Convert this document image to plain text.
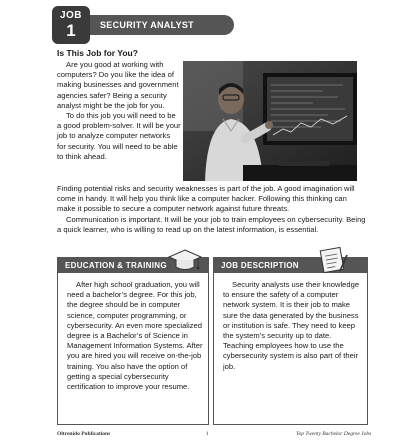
JOB
1	SECURITY ANALYST
Is This Job for You?

Are you good at working with computers? Do you like the idea of making businesses and government agencies safer? Being a security analyst might be the job for you.

To do this job you will need to be a good problem-solver. It will be your job to analyze computer networks for security. You will need to be able to think ahead.

Finding potential risks and security weaknesses is part of the job. A good imagination will come in handy. It will help you think like a computer hacker. Following this thinking can make it possible to secure a computer network against future threats.

Communication is important. It will be your job to train employees on cybersecurity. Being a quick learner, who is willing to read up on the latest information, is essential.

EDUCATION & TRAINING

After high school graduation, you will need a bachelor’s degree. For this job, the degree should be in computer science, computer programming, or cybersecurity. An even more specialized degree is a Bachelor’s of Science in Management Information Systems. After you are hired you will receive on-the-job training. You also have the option of getting a special cybersecurity certification to improve your resume.

JOB DESCRIPTION

Security analysts use their knowledge to ensure the safety of a computer network system. It is their job to make sure the data generated by the business or institution is safe. They need to keep the system’s security up to date. Teaching employees how to use the cybersecurity system is also part of their job.

Oltrenido Publications	1	Top Twenty Bachelor Degree Jobs
